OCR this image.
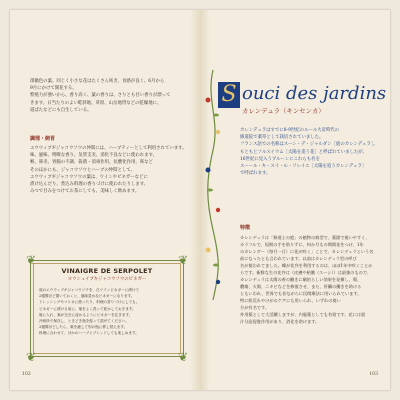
澤鍋色の葉。同じく小さな花はたくさん咲き、食感が良く、6月から

9月にかけて開花する。

繁殖力が強いから、香り高く、葉の香りは、さりとも甘い香りが漂って

きます。日当たりのよい畦斜地、草原、山岳地帯などの乾燥地に、

道ばたなどにも自生している。

調理・飼育

エウウィブギジャコウソウの仲間には、ハーブティーとして利用されています。

味、風味、明瞭な香り、気管支炎、消化不良などに使われます。

喉、鼻炎、胃腸の不調、殺菌・消毒作用、抗酸化作用、咳など

そのほかにも、ジャコウソウとハーブの仲間として、

エウウィブギジャコウソウの葉は、ワインやビネガーなどに

漬け込んだり、煮込み料理の香りづけに使われたりします。

みつで甘みをつけてお茶にしても、美味しく飲めます。

❦	❦
❦	❦
VINAIGRE DE SERPOLET
ヨウシュイブキジャコウソウのビネガー

庭のエウウィブギジャコウソウを、白ワインビネガーに漬けて

2週間ほど置いておくと、風味豊かなビネガーになります。

ドレッシングやマリネに使ったり、料理の香りづけにしても。

ビネガーに漬ける前に、葉をよく洗って乾かしておきます。

瓶に入れ、葉が完全に浸かるようにビネガーを注ぎます。

冷暗所で保存し、ときどき瓶を振って混ぜてください。

2週間ほどしたら、葉を漉して別の瓶に移し替えます。

料理に合わせて、ほかのハーブとブレンドしても楽しめます。

102
S ouci des jardins
カレンデュラ（キンセンカ）

カレンデュラはすでに8-9世紀のルール大帝時代の

修道院で薬草として栽培されていました。

フランス語での名称はスーシ・デ・ジャルダン［庭のカレンデュラ］。

もともとソルスイウム［太陽を追う花］と呼ばれていましたが、

16世紀に見入うブルーンにこれらも名を

スーール・キ・スイ・ル・ソレイユ［太陽を追うカレンデュラ］

で呼ばれます。

特徴

カレンデュラは「修道士の庭」の植物の典型で、薬園で使いやすく、

カラフルで、短期の手を借りずに、何か月もの期間花をつけ、1年

のカレンダー（毎月一日）に花が咲く」ことで、カレンデュラという名

前になったとも言われています。以前はカレンデュラ型の呼び

名が使われてました。蝶が花弁を利用するのは、ほぼ1年中咲くことか

らです。新鮮な生の花弁は（皮膚や粘膜（スーシ））は最強のもので、

カレンデュラは太陽の香の働きに劇的らしい効果を発揮し、傷、

膿瘍、火傷、ニキビなどを修復させ、また、肝臓の働きを助ける

ともいわれ、世界でも昔ながらに民間療法に用いられています。

特に肌荒れやけがのケアにも用いられ、いずれの使い

方が有名です。

外用薬として大活躍しますが、内服薬としても有効です。花には胆

汁分泌促進作用があり、消化を助けます。

103
